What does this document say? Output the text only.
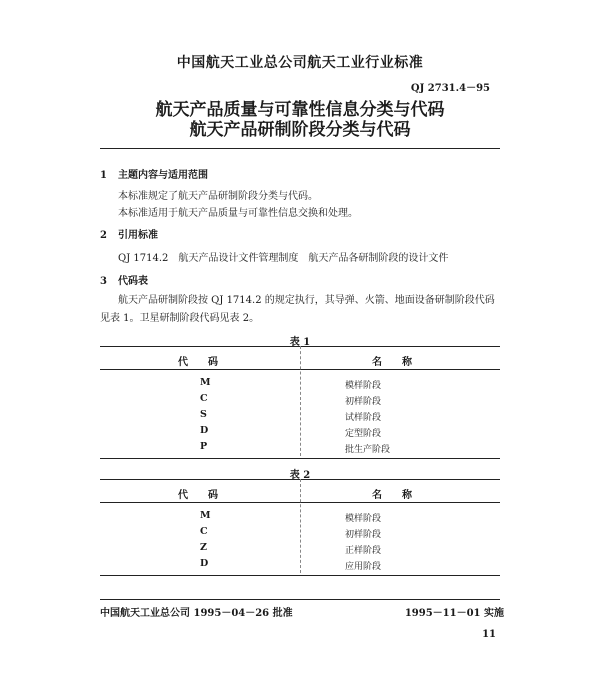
中国航天工业总公司航天工业行业标准
QJ 2731.4－95
航天产品质量与可靠性信息分类与代码
航天产品研制阶段分类与代码
1 主题内容与适用范围
本标准规定了航天产品研制阶段分类与代码。
本标准适用于航天产品质量与可靠性信息交换和处理。
2 引用标准
QJ 1714.2　航天产品设计文件管理制度　航天产品各研制阶段的设计文件
3 代码表
航天产品研制阶段按 QJ 1714.2 的规定执行，其导弹、火箭、地面设备研制阶段代码见表 1。卫星研制阶段代码见表 2。
表 1
代　　码	名　　称
M	模样阶段
C	初样阶段
S	试样阶段
D	定型阶段
P	批生产阶段
表 2
代　　码	名　　称
M	模样阶段
C	初样阶段
Z	正样阶段
D	应用阶段
中国航天工业总公司 1995－04－26 批准	1995－11－01 实施
11
